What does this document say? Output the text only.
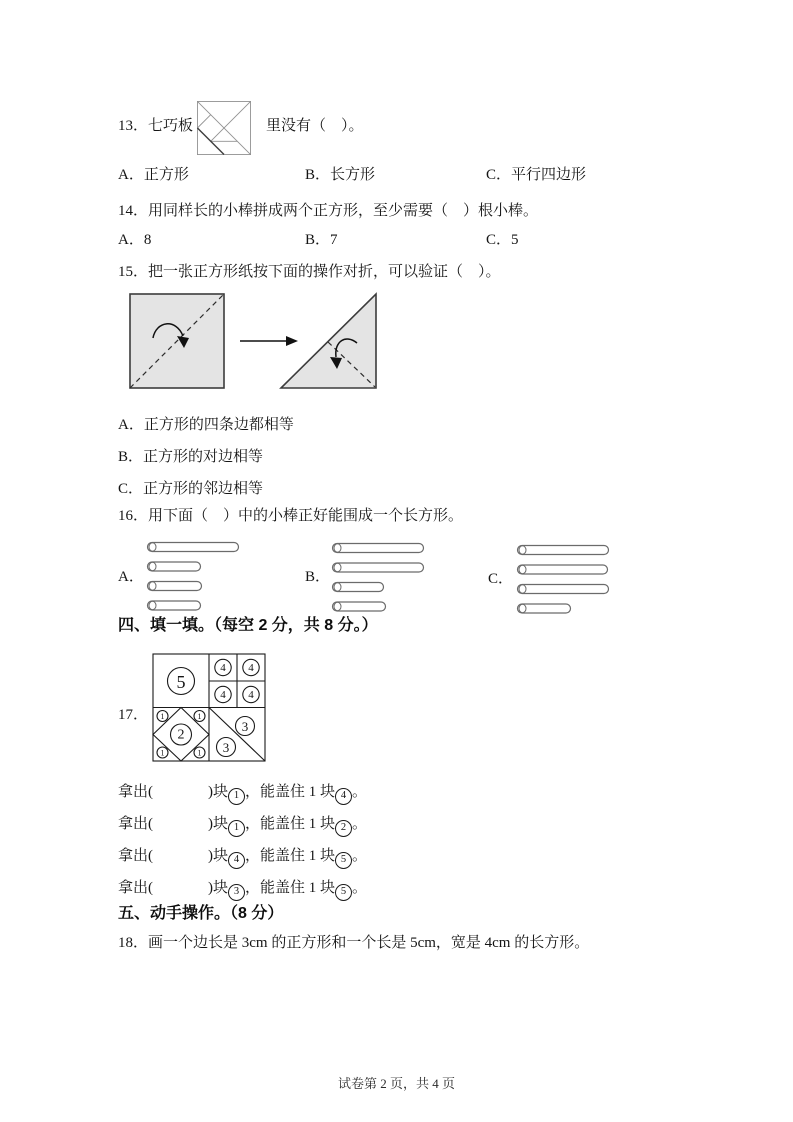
13．七巧板	里没有（　）。
A．正方形	B．长方形	C．平行四边形
14．用同样长的小棒拼成两个正方形，至少需要（　）根小棒。
A．8	B．7	C．5
15．把一张正方形纸按下面的操作对折，可以验证（　）。
A．正方形的四条边都相等
B．正方形的对边相等
C．正方形的邻边相等
16．用下面（　）中的小棒正好能围成一个长方形。
A．	B．	C．
四、填一填。（每空 2 分，共 8 分。）
17．
5
4 4
4 4
2
1	1
1	1
3
3
拿出(	)块 1 ，能盖住 1 块 4 。
拿出(	)块 1 ，能盖住 1 块 2 。
拿出(	)块 4 ，能盖住 1 块 5 。
拿出(	)块 3 ，能盖住 1 块 5 。
五、动手操作。（8 分）
18．画一个边长是 3cm 的正方形和一个长是 5cm，宽是 4cm 的长方形。
试卷第 2 页，共 4 页
